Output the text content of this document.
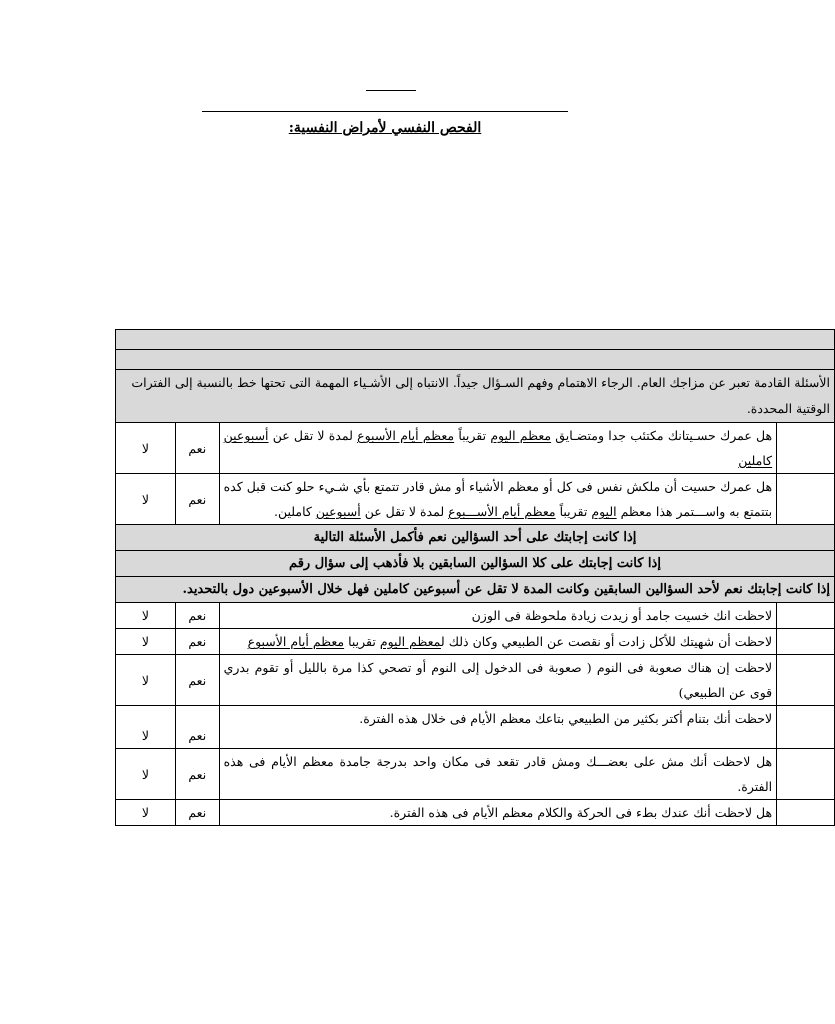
الفحص النفسي لأمراض النفسية:

الأسئلة القادمة تعبر عن مزاجك العام. الرجاء الاهتمام وفهم السـؤال جيداً. الانتباه إلى الأشـياء المهمة التى تحتها خط بالنسبة إلى الفترات الوقتية المحددة.			
	هل عمرك حسـيتانك مكتئب جدا ومتضـايق معظم اليوم تقريباً معظم أيام الأسبوع لمدة لا تقل عن أسبوعين كاملين	نعم	لا
	هل عمرك حسيت أن ملكش نفس فى كل أو معظم الأشياء أو مش قادر تتمتع بأي شـيء حلو كنت قبل كده بتتمتع به واســـتمر هذا معظم اليوم تقريباً معظم أيام الأســـبوع لمدة لا تقل عن أسبوعين كاملين.	نعم	لا
إذا كانت إجابتك على أحد السؤالين نعم فأكمل الأسئلة التالية			
إذا كانت إجابتك على كلا السؤالين السابقين بلا فأذهب إلى سؤال رقم			
إذا كانت إجابتك نعم لأحد السؤالين السابقين وكانت المدة لا تقل عن أسبوعين كاملين فهل خلال الأسبوعين دول بالتحديد.			
	لاحظت انك خسيت جامد أو زيدت زيادة ملحوظة فى الوزن	نعم	لا
	لاحظت أن شهيتك للأكل زادت أو نقصت عن الطبيعي وكان ذلك لمعظم اليوم تقريبا معظم أيام الأسبوع	نعم	لا
	لاحظت إن هناك صعوبة فى النوم ( صعوبة فى الدخول إلى النوم أو تصحي كذا مرة بالليل أو تقوم بدري قوى عن الطبيعي)	نعم	لا
	لاحظت أنك بتنام أكتر بكثير من الطبيعي بتاعك معظم الأيام فى خلال هذه الفترة.	نعم	لا
	هل لاحظت أنك مش على بعضـــك ومش قادر تقعد فى مكان واحد بدرجة جامدة معظم الأيام فى هذه الفترة.	نعم	لا
	هل لاحظت أنك عندك بطء فى الحركة والكلام معظم الأيام فى هذه الفترة.	نعم	لا
